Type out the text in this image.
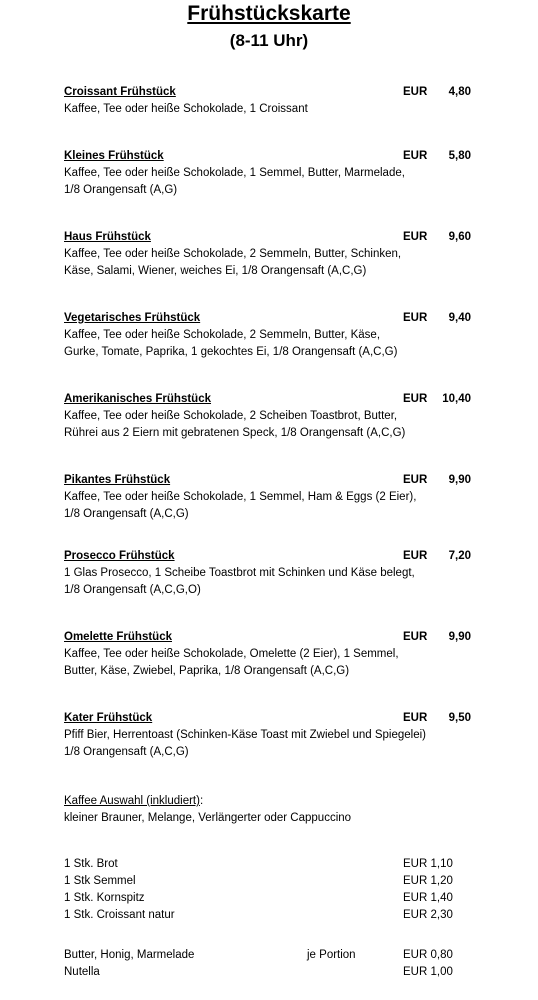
Frühstückskarte
(8-11 Uhr)
Croissant Frühstück	EUR 4,80
Kaffee, Tee oder heiße Schokolade, 1 Croissant
Kleines Frühstück	EUR 5,80
Kaffee, Tee oder heiße Schokolade, 1 Semmel, Butter, Marmelade,
1/8 Orangensaft (A,G)
Haus Frühstück	EUR 9,60
Kaffee, Tee oder heiße Schokolade, 2 Semmeln, Butter, Schinken,
Käse, Salami, Wiener, weiches Ei, 1/8 Orangensaft (A,C,G)
Vegetarisches Frühstück	EUR 9,40
Kaffee, Tee oder heiße Schokolade, 2 Semmeln, Butter, Käse,
Gurke, Tomate, Paprika, 1 gekochtes Ei, 1/8 Orangensaft (A,C,G)
Amerikanisches Frühstück	EUR 10,40
Kaffee, Tee oder heiße Schokolade, 2 Scheiben Toastbrot, Butter,
Rührei aus 2 Eiern mit gebratenen Speck, 1/8 Orangensaft (A,C,G)
Pikantes Frühstück	EUR 9,90
Kaffee, Tee oder heiße Schokolade, 1 Semmel, Ham & Eggs (2 Eier),
1/8 Orangensaft (A,C,G)
Prosecco Frühstück	EUR 7,20
1 Glas Prosecco, 1 Scheibe Toastbrot mit Schinken und Käse belegt,
1/8 Orangensaft (A,C,G,O)
Omelette Frühstück	EUR 9,90
Kaffee, Tee oder heiße Schokolade, Omelette (2 Eier), 1 Semmel,
Butter, Käse, Zwiebel, Paprika, 1/8 Orangensaft (A,C,G)
Kater Frühstück	EUR 9,50
Pfiff Bier, Herrentoast (Schinken-Käse Toast mit Zwiebel und Spiegelei)
1/8 Orangensaft (A,C,G)
Kaffee Auswahl (inkludiert):
kleiner Brauner, Melange, Verlängerter oder Cappuccino
1 Stk. Brot	EUR 1,10
1 Stk Semmel	EUR 1,20
1 Stk. Kornspitz	EUR 1,40
1 Stk. Croissant natur	EUR 2,30
Butter, Honig, Marmelade	je Portion	EUR 0,80
Nutella	EUR 1,00
